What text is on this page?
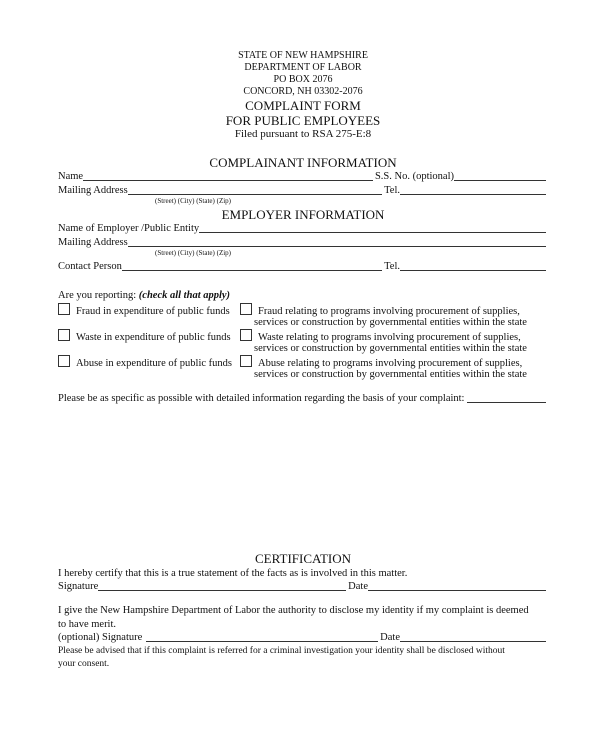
STATE OF NEW HAMPSHIRE
DEPARTMENT OF LABOR
PO BOX 2076
CONCORD, NH 03302-2076
COMPLAINT FORM
FOR PUBLIC EMPLOYEES
Filed pursuant to RSA 275-E:8
COMPLAINANT INFORMATION
Name	S.S. No. (optional)
Mailing Address	Tel.
(Street) (City) (State) (Zip)
EMPLOYER INFORMATION
Name of Employer /Public Entity
Mailing Address
(Street) (City) (State) (Zip)
Contact Person	Tel.
Are you reporting: (check all that apply)
Fraud in expenditure of public funds	Fraud relating to programs involving procurement of supplies,
services or construction by governmental entities within the state
Waste in expenditure of public funds	Waste relating to programs involving procurement of supplies,
services or construction by governmental entities within the state
Abuse in expenditure of public funds	Abuse relating to programs involving procurement of supplies,
services or construction by governmental entities within the state
Please be as specific as possible with detailed information regarding the basis of your complaint:
CERTIFICATION
I hereby certify that this is a true statement of the facts as is involved in this matter.
Signature	Date
I give the New Hampshire Department of Labor the authority to disclose my identity if my complaint is deemed
to have merit.
(optional) Signature	Date
Please be advised that if this complaint is referred for a criminal investigation your identity shall be disclosed without
your consent.
